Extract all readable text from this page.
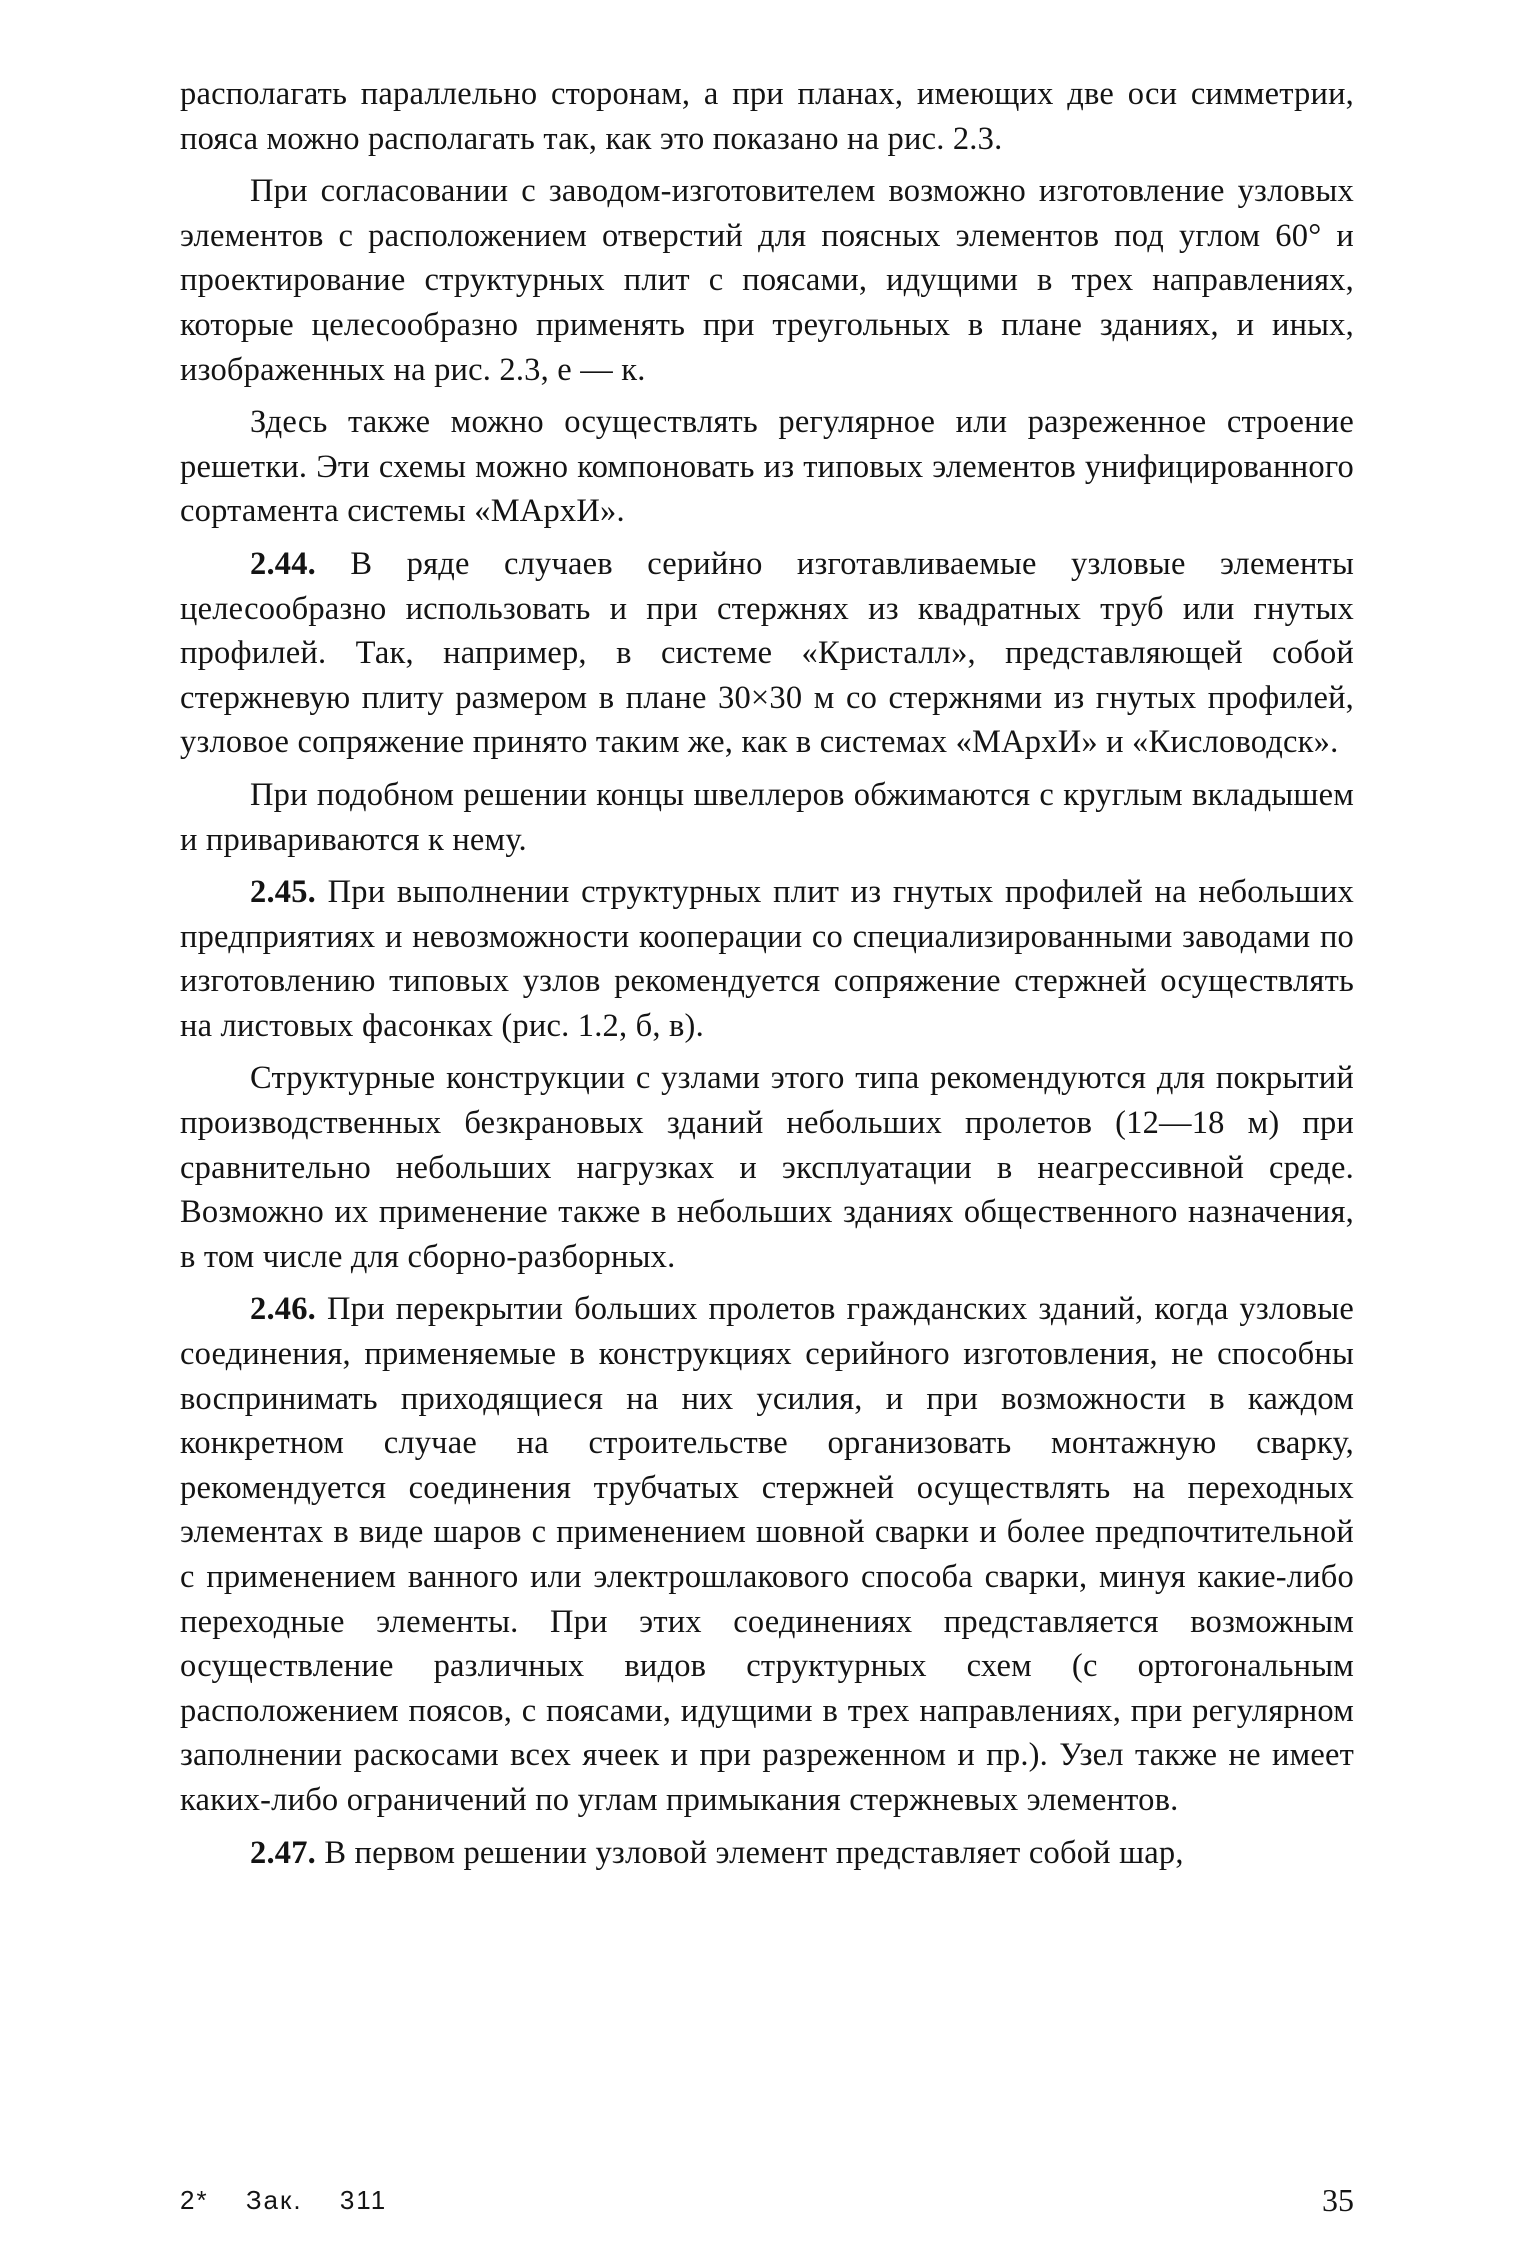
располагать параллельно сторонам, а при планах, имеющих две оси симметрии, пояса можно располагать так, как это показано на рис. 2.3.

При согласовании с заводом-изготовителем возможно изготовление узловых элементов с расположением отверстий для поясных элементов под углом 60° и проектирование структурных плит с поясами, идущими в трех направлениях, которые целесообразно применять при треугольных в плане зданиях, и иных, изображенных на рис. 2.3, е — к.

Здесь также можно осуществлять регулярное или разреженное строение решетки. Эти схемы можно компоновать из типовых элементов унифицированного сортамента системы «МАрхИ».

2.44. В ряде случаев серийно изготавливаемые узловые элементы целесообразно использовать и при стержнях из квадратных труб или гнутых профилей. Так, например, в системе «Кристалл», представляющей собой стержневую плиту размером в плане 30×30 м со стержнями из гнутых профилей, узловое сопряжение принято таким же, как в системах «МАрхИ» и «Кисловодск».

При подобном решении концы швеллеров обжимаются с круглым вкладышем и привариваются к нему.

2.45. При выполнении структурных плит из гнутых профилей на небольших предприятиях и невозможности кооперации со специализированными заводами по изготовлению типовых узлов рекомендуется сопряжение стержней осуществлять на листовых фасонках (рис. 1.2, б, в).

Структурные конструкции с узлами этого типа рекомендуются для покрытий производственных безкрановых зданий небольших пролетов (12—18 м) при сравнительно небольших нагрузках и эксплуатации в неагрессивной среде. Возможно их применение также в небольших зданиях общественного назначения, в том числе для сборно-разборных.

2.46. При перекрытии больших пролетов гражданских зданий, когда узловые соединения, применяемые в конструкциях серийного изготовления, не способны воспринимать приходящиеся на них усилия, и при возможности в каждом конкретном случае на строительстве организовать монтажную сварку, рекомендуется соединения трубчатых стержней осуществлять на переходных элементах в виде шаров с применением шовной сварки и более предпочтительной с применением ванного или электрошлакового способа сварки, минуя какие-либо переходные элементы. При этих соединениях представляется возможным осуществление различных видов структурных схем (с ортогональным расположением поясов, с поясами, идущими в трех направлениях, при регулярном заполнении раскосами всех ячеек и при разреженном и пр.). Узел также не имеет каких-либо ограничений по углам примыкания стержневых элементов.

2.47. В первом решении узловой элемент представляет собой шар,

2* Зак. 311	35
